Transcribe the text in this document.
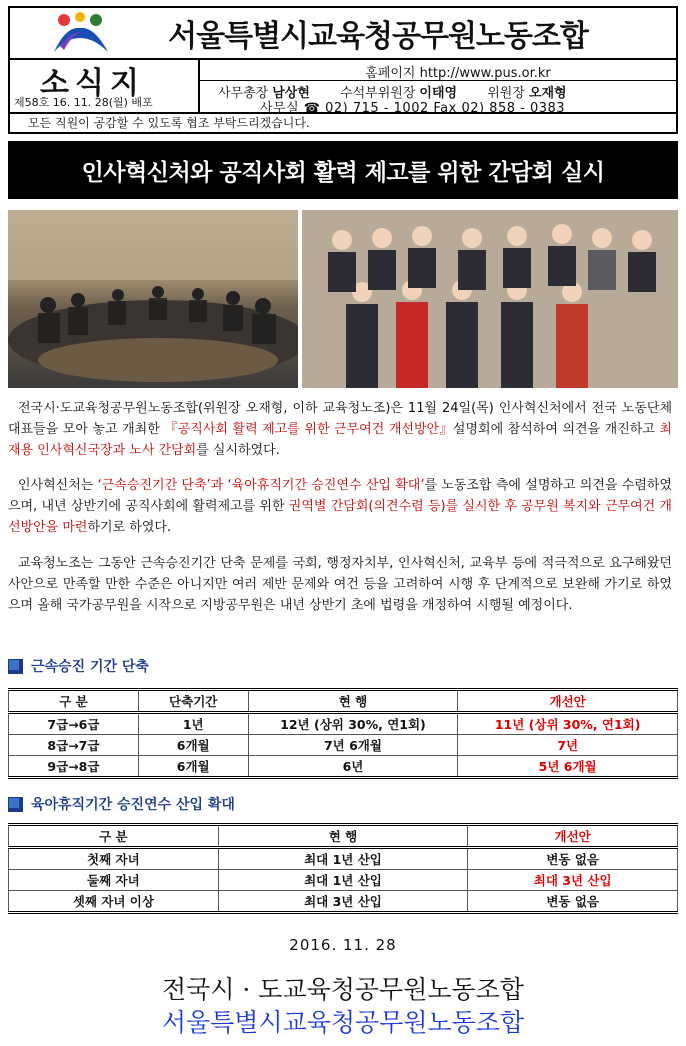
서울특별시교육청공무원노동조합
소식지
제58호 16. 11. 28(월) 배포
홈페이지 http://www.pus.or.kr
사무총장 남상현 수석부위원장 이태영 위원장 오재형
사무실 ☎ 02) 715 - 1002 Fax 02) 858 - 0383
모든 직원이 공감할 수 있도록 협조 부탁드리겠습니다.
인사혁신처와 공직사회 활력 제고를 위한 간담회 실시
전국시·도교육청공무원노동조합(위원장 오재형, 이하 교육청노조)은 11월 24일(목) 인사혁신처에서 전국 노동단체 대표들을 모아 놓고 개최한 『공직사회 활력 제고를 위한 근무여건 개선방안』설명회에 참석하여 의견을 개진하고 최재용 인사혁신국장과 노사 간담회를 실시하였다.
인사혁신처는 ‘근속승진기간 단축’과 ‘육아휴직기간 승진연수 산입 확대’를 노동조합 측에 설명하고 의견을 수렴하였으며, 내년 상반기에 공직사회에 활력제고를 위한 권역별 간담회(의견수렴 등)를 실시한 후 공무원 복지와 근무여건 개선방안을 마련하기로 하였다.
교육청노조는 그동안 근속승진기간 단축 문제를 국회, 행정자치부, 인사혁신처, 교육부 등에 적극적으로 요구해왔던 사안으로 만족할 만한 수준은 아니지만 여러 제반 문제와 여건 등을 고려하여 시행 후 단계적으로 보완해 가기로 하였으며 올해 국가공무원을 시작으로 지방공무원은 내년 상반기 초에 법령을 개정하여 시행될 예정이다.
근속승진 기간 단축
구 분	단축기간	현 행	개선안
7급→6급	1년	12년 (상위 30%, 연1회)	11년 (상위 30%, 연1회)
8급→7급	6개월	7년 6개월	7년
9급→8급	6개월	6년	5년 6개월
육아휴직기간 승진연수 산입 확대
구 분	현 행	개선안
첫째 자녀	최대 1년 산입	변동 없음
둘째 자녀	최대 1년 산입	최대 3년 산입
셋째 자녀 이상	최대 3년 산입	변동 없음
2016. 11. 28
전국시 · 도교육청공무원노동조합
서울특별시교육청공무원노동조합
